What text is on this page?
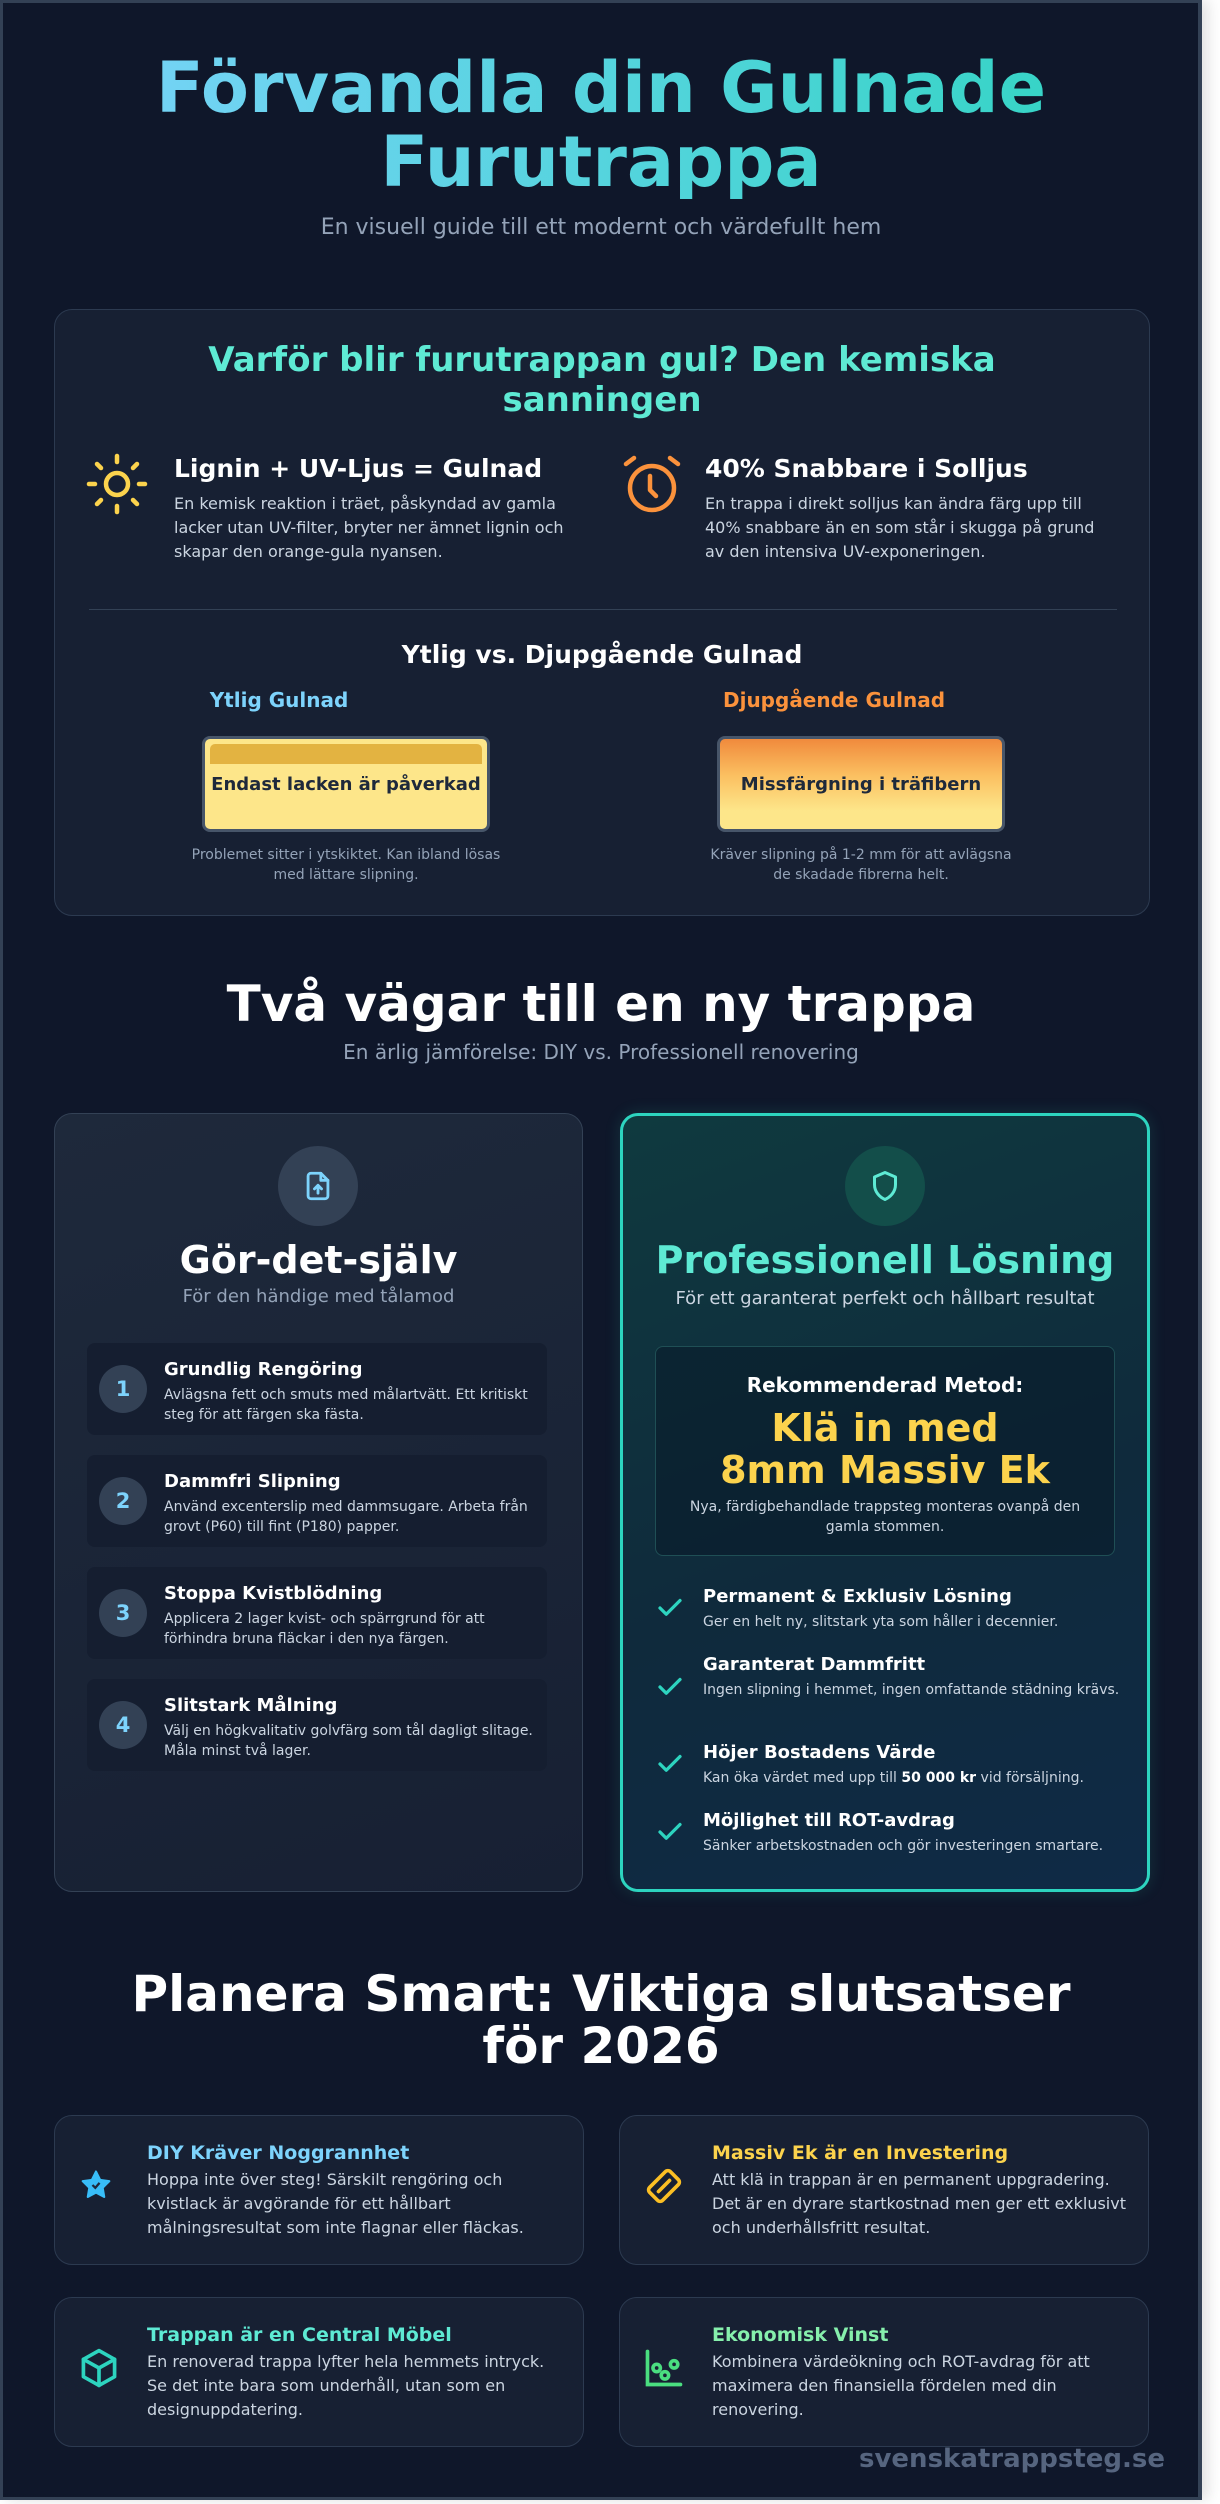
Förvandla din Gulnade Furutrappa

En visuell guide till ett modernt och värdefullt hem

Varför blir furutrappan gul? Den kemiska sanningen
Lignin + UV-Ljus = Gulnad
En kemisk reaktion i träet, påskyndad av gamla lacker utan UV-filter, bryter ner ämnet lignin och skapar den orange-gula nyansen.
40% Snabbare i Solljus
En trappa i direkt solljus kan ändra färg upp till 40% snabbare än en som står i skugga på grund av den intensiva UV-exponeringen.
Ytlig vs. Djupgående Gulnad
Ytlig Gulnad
Endast lacken är påverkad
Problemet sitter i ytskiktet. Kan ibland lösas med lättare slipning.
Djupgående Gulnad
Missfärgning i träfibern
Kräver slipning på 1-2 mm för att avlägsna de skadade fibrerna helt.
Två vägar till en ny trappa

En ärlig jämförelse: DIY vs. Professionell renovering

Gör-det-själv

För den händige med tålamod

1
Grundlig Rengöring
Avlägsna fett och smuts med målartvätt. Ett kritiskt steg för att färgen ska fästa.
2
Dammfri Slipning
Använd excenterslip med dammsugare. Arbeta från grovt (P60) till fint (P180) papper.
3
Stoppa Kvistblödning
Applicera 2 lager kvist- och spärrgrund för att förhindra bruna fläckar i den nya färgen.
4
Slitstark Målning
Välj en högkvalitativ golvfärg som tål dagligt slitage. Måla minst två lager.
Professionell Lösning

För ett garanterat perfekt och hållbart resultat

Rekommenderad Metod:
Klä in med 8mm Massiv Ek
Nya, färdigbehandlade trappsteg monteras ovanpå den gamla stommen.
Permanent & Exklusiv Lösning
Ger en helt ny, slitstark yta som håller i decennier.
Garanterat Dammfritt
Ingen slipning i hemmet, ingen omfattande städning krävs.
Höjer Bostadens Värde
Kan öka värdet med upp till 50 000 kr vid försäljning.
Möjlighet till ROT-avdrag
Sänker arbetskostnaden och gör investeringen smartare.
Planera Smart: Viktiga slutsatser för 2026
DIY Kräver Noggrannhet
Hoppa inte över steg! Särskilt rengöring och kvistlack är avgörande för ett hållbart målningsresultat som inte flagnar eller fläckas.
Massiv Ek är en Investering
Att klä in trappan är en permanent uppgradering. Det är en dyrare startkostnad men ger ett exklusivt och underhållsfritt resultat.
Trappan är en Central Möbel
En renoverad trappa lyfter hela hemmets intryck. Se det inte bara som underhåll, utan som en designuppdatering.
Ekonomisk Vinst
Kombinera värdeökning och ROT-avdrag för att maximera den finansiella fördelen med din renovering.
svenskatrappsteg.se
